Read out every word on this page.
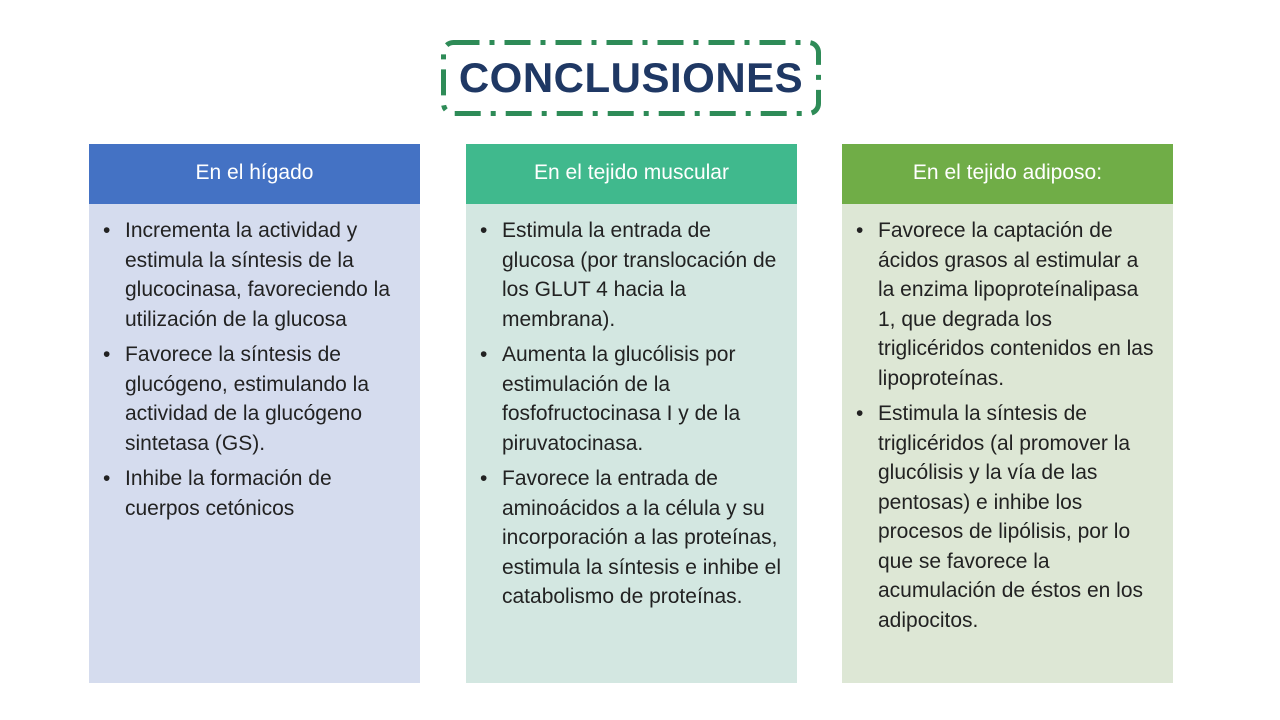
CONCLUSIONES
En el hígado
• Incrementa la actividad y estimula la síntesis de la glucocinasa, favoreciendo la utilización de la glucosa
• Favorece la síntesis de glucógeno, estimulando la actividad de la glucógeno sintetasa (GS).
• Inhibe la formación de cuerpos cetónicos
En el tejido muscular
• Estimula la entrada de glucosa (por translocación de los GLUT 4 hacia la membrana).
• Aumenta la glucólisis por estimulación de la fosfofructocinasa I y de la piruvatocinasa.
• Favorece la entrada de aminoácidos a la célula y su incorporación a las proteínas, estimula la síntesis e inhibe el catabolismo de proteínas.
En el tejido adiposo:
• Favorece la captación de ácidos grasos al estimular a la enzima lipoproteínalipasa 1, que degrada los triglicéridos contenidos en las lipoproteínas.
• Estimula la síntesis de triglicéridos (al promover la glucólisis y la vía de las pentosas) e inhibe los procesos de lipólisis, por lo que se favorece la acumulación de éstos en los adipocitos.
